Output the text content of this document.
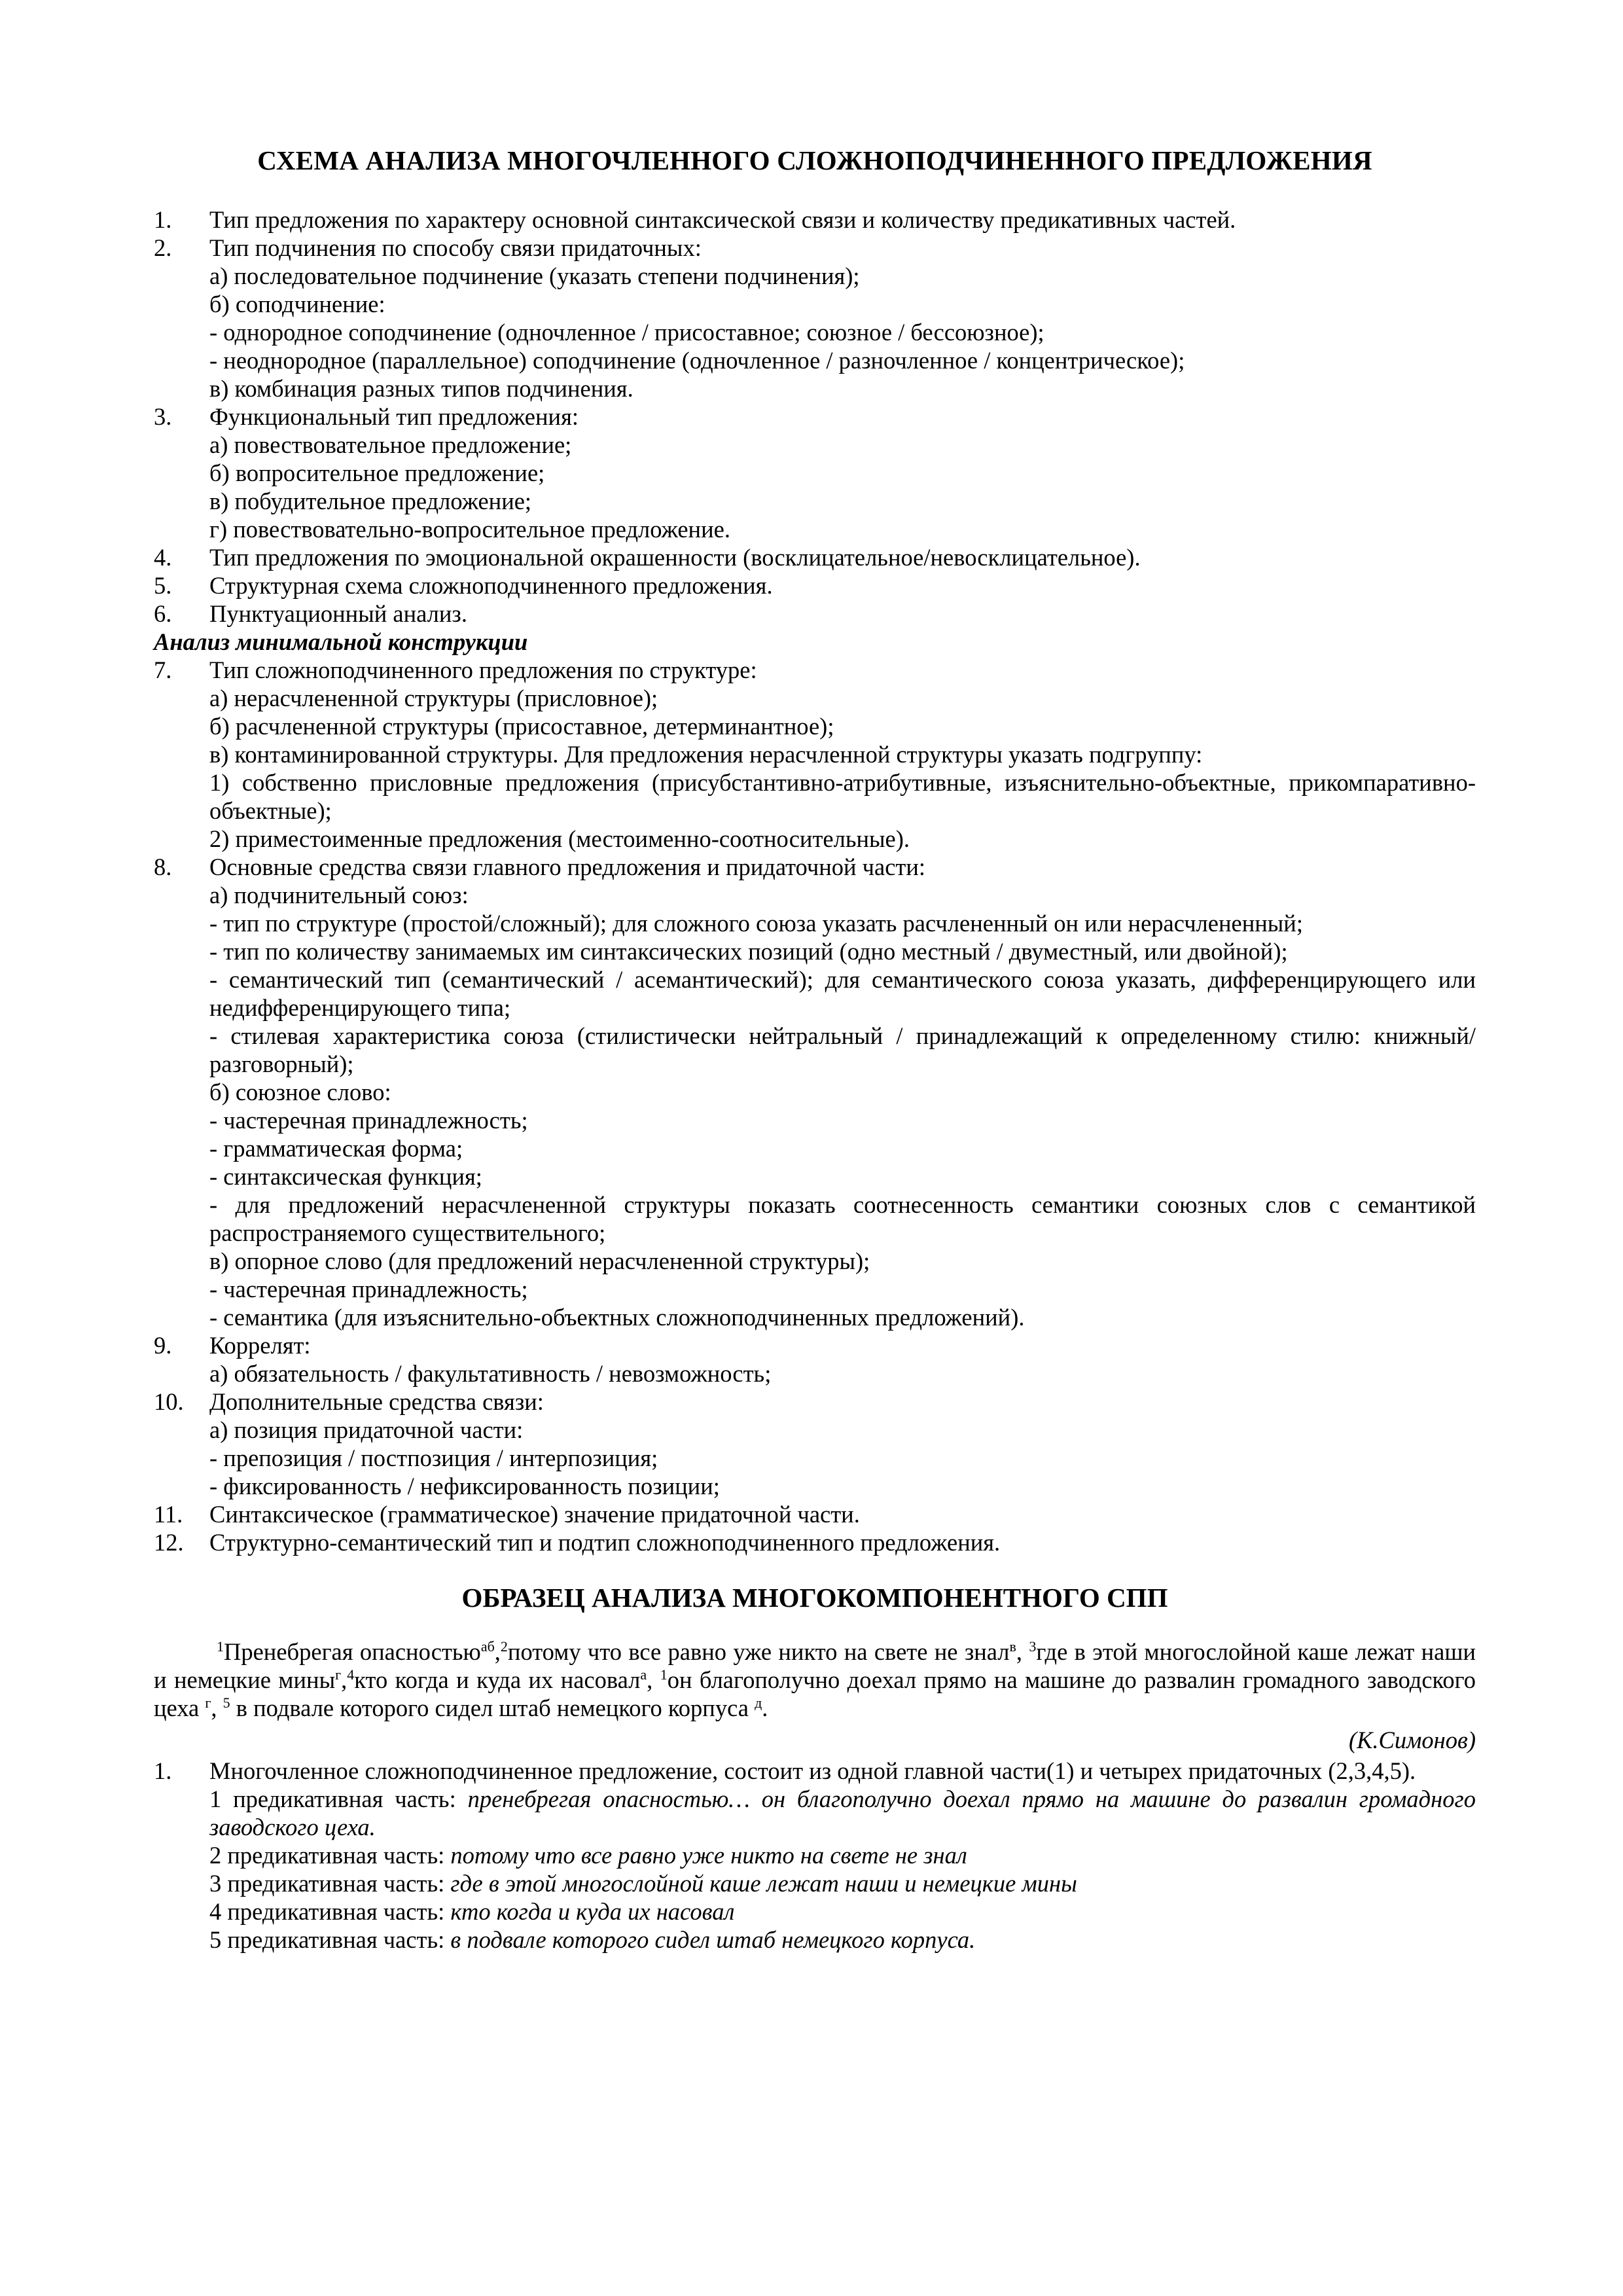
СХЕМА АНАЛИЗА МНОГОЧЛЕННОГО СЛОЖНОПОДЧИНЕННОГО ПРЕДЛОЖЕНИЯ
1.	Тип предложения по характеру основной синтаксической связи и количеству предикативных частей.
2.	Тип подчинения по способу связи придаточных:
а) последовательное подчинение (указать степени подчинения);
б) соподчинение:
- однородное соподчинение (одночленное / присоставное; союзное / бессоюзное);
- неоднородное (параллельное) соподчинение (одночленное / разночленное / концентрическое);
в) комбинация разных типов подчинения.
3.	Функциональный тип предложения:
а) повествовательное предложение;
б) вопросительное предложение;
в) побудительное предложение;
г) повествовательно-вопросительное предложение.
4.	Тип предложения по эмоциональной окрашенности (восклицательное/невосклицательное).
5.	Структурная схема сложноподчиненного предложения.
6.	Пунктуационный анализ.
Анализ минимальной конструкции
7.	Тип сложноподчиненного предложения по структуре:
а) нерасчлененной структуры (присловное);
б) расчлененной структуры (присоставное, детерминантное);
в) контаминированной структуры. Для предложения нерасчленной структуры указать подгруппу:
1) собственно присловные предложения (присубстантивно-атрибутивные, изъяснительно-объектные, прикомпаративно-объектные);
2) приместоименные предложения (местоименно-соотносительные).
8.	Основные средства связи главного предложения и придаточной части:
а) подчинительный союз:
- тип по структуре (простой/сложный); для сложного союза указать расчлененный он или нерасчлененный;
- тип по количеству занимаемых им синтаксических позиций (одно местный / двуместный, или двойной);
- семантический тип (семантический / асемантический); для семантического союза указать, дифференцирующего или недифференцирующего типа;
- стилевая характеристика союза (стилистически нейтральный / принадлежащий к определенному стилю: книжный/разговорный);
б) союзное слово:
- частеречная принадлежность;
- грамматическая форма;
- синтаксическая функция;
- для предложений нерасчлененной структуры показать соотнесенность семантики союзных слов с семантикой распространяемого существительного;
в) опорное слово (для предложений нерасчлененной структуры);
- частеречная принадлежность;
- семантика (для изъяснительно-объектных сложноподчиненных предложений).
9.	Коррелят:
а) обязательность / факультативность / невозможность;
10.	Дополнительные средства связи:
а) позиция придаточной части:
- препозиция / постпозиция / интерпозиция;
- фиксированность / нефиксированность позиции;
11.	Синтаксическое (грамматическое) значение придаточной части.
12.	Структурно-семантический тип и подтип сложноподчиненного предложения.
ОБРАЗЕЦ АНАЛИЗА МНОГОКОМПОНЕНТНОГО СПП

$^1$Пренебрегая опасностью$^{аб}$,$^2$потому что все равно уже никто на свете не знал$^в$, $^3$где в этой многослойной каше лежат наши и немецкие мины$^г$,$^4$кто когда и куда их насовал$^а$, $^1$он благополучно доехал прямо на машине до развалин громадного заводского цеха $^г$, $^5$ в подвале которого сидел штаб немецкого корпуса $^д$.

(К.Симонов)
1.	Многочленное сложноподчиненное предложение, состоит из одной главной части(1) и четырех придаточных (2,3,4,5).
1 предикативная часть: пренебрегая опасностью… он благополучно доехал прямо на машине до развалин громадного заводского цеха.
2 предикативная часть: потому что все равно уже никто на свете не знал
3 предикативная часть: где в этой многослойной каше лежат наши и немецкие мины
4 предикативная часть: кто когда и куда их насовал
5 предикативная часть: в подвале которого сидел штаб немецкого корпуса.
